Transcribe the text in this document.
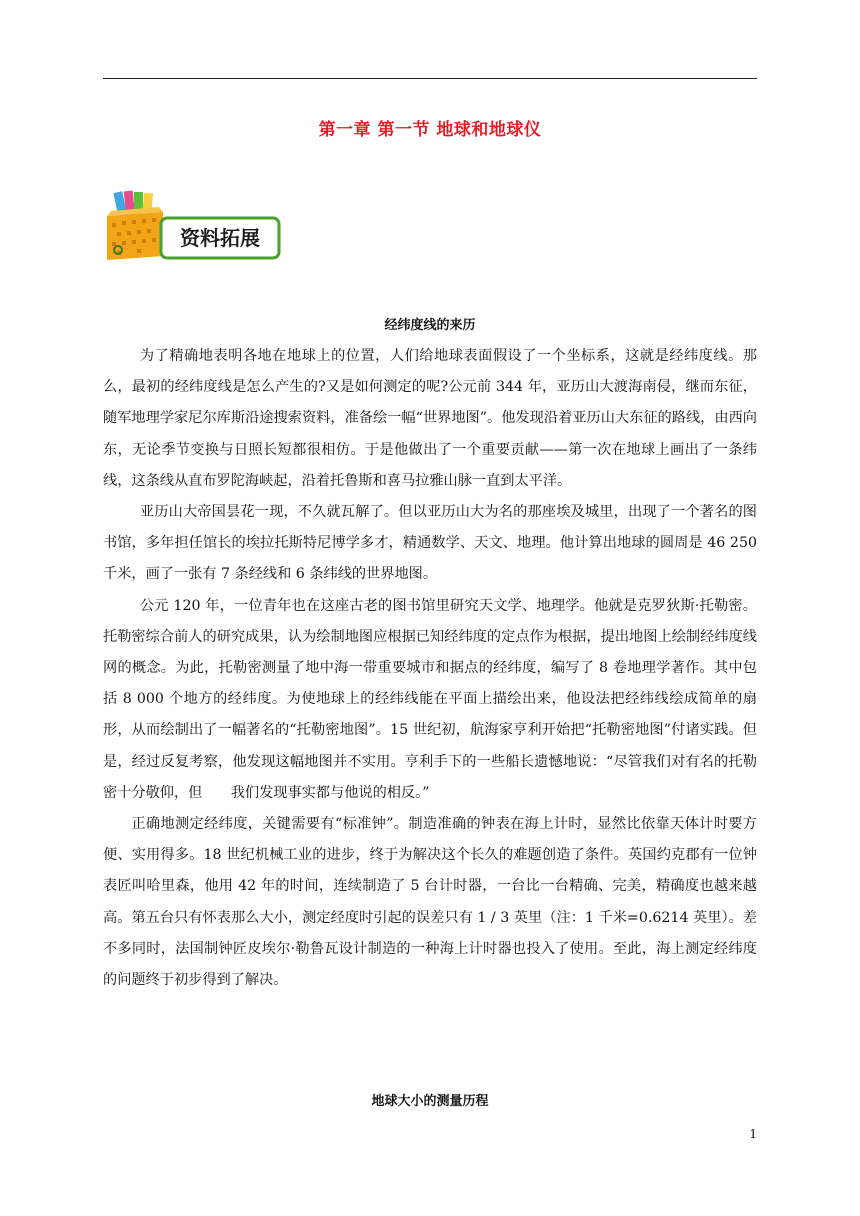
第一章 第一节 地球和地球仪
资料拓展
经纬度线的来历

为了精确地表明各地在地球上的位置，人们给地球表面假设了一个坐标系，这就是经纬度线。那么，最初的经纬度线是怎么产生的?又是如何测定的呢?公元前 344 年，亚历山大渡海南侵，继而东征，随军地理学家尼尔库斯沿途搜索资料，准备绘一幅“世界地图”。他发现沿着亚历山大东征的路线，由西向东，无论季节变换与日照长短都很相仿。于是他做出了一个重要贡献——第一次在地球上画出了一条纬线，这条线从直布罗陀海峡起，沿着托鲁斯和喜马拉雅山脉一直到太平洋。

亚历山大帝国昙花一现，不久就瓦解了。但以亚历山大为名的那座埃及城里，出现了一个著名的图书馆，多年担任馆长的埃拉托斯特尼博学多才，精通数学、天文、地理。他计算出地球的圆周是 46 250 千米，画了一张有 7 条经线和 6 条纬线的世界地图。

公元 120 年，一位青年也在这座古老的图书馆里研究天文学、地理学。他就是克罗狄斯·托勒密。托勒密综合前人的研究成果，认为绘制地图应根据已知经纬度的定点作为根据，提出地图上绘制经纬度线网的概念。为此，托勒密测量了地中海一带重要城市和据点的经纬度，编写了 8 卷地理学著作。其中包括 8 000 个地方的经纬度。为使地球上的经纬线能在平面上描绘出来，他设法把经纬线绘成简单的扇形，从而绘制出了一幅著名的“托勒密地图”。15 世纪初，航海家亨利开始把“托勒密地图”付诸实践。但是，经过反复考察，他发现这幅地图并不实用。亨利手下的一些船长遗憾地说：“尽管我们对有名的托勒密十分敬仰，但　　我们发现事实都与他说的相反。”

正确地测定经纬度，关键需要有“标准钟”。制造准确的钟表在海上计时，显然比依靠天体计时要方便、实用得多。18 世纪机械工业的进步，终于为解决这个长久的难题创造了条件。英国约克郡有一位钟表匠叫哈里森，他用 42 年的时间，连续制造了 5 台计时器，一台比一台精确、完美，精确度也越来越高。第五台只有怀表那么大小，测定经度时引起的误差只有 1 / 3 英里（注：1 千米=0.6214 英里）。差不多同时，法国制钟匠皮埃尔·勒鲁瓦设计制造的一种海上计时器也投入了使用。至此，海上测定经纬度的问题终于初步得到了解决。

地球大小的测量历程
1
